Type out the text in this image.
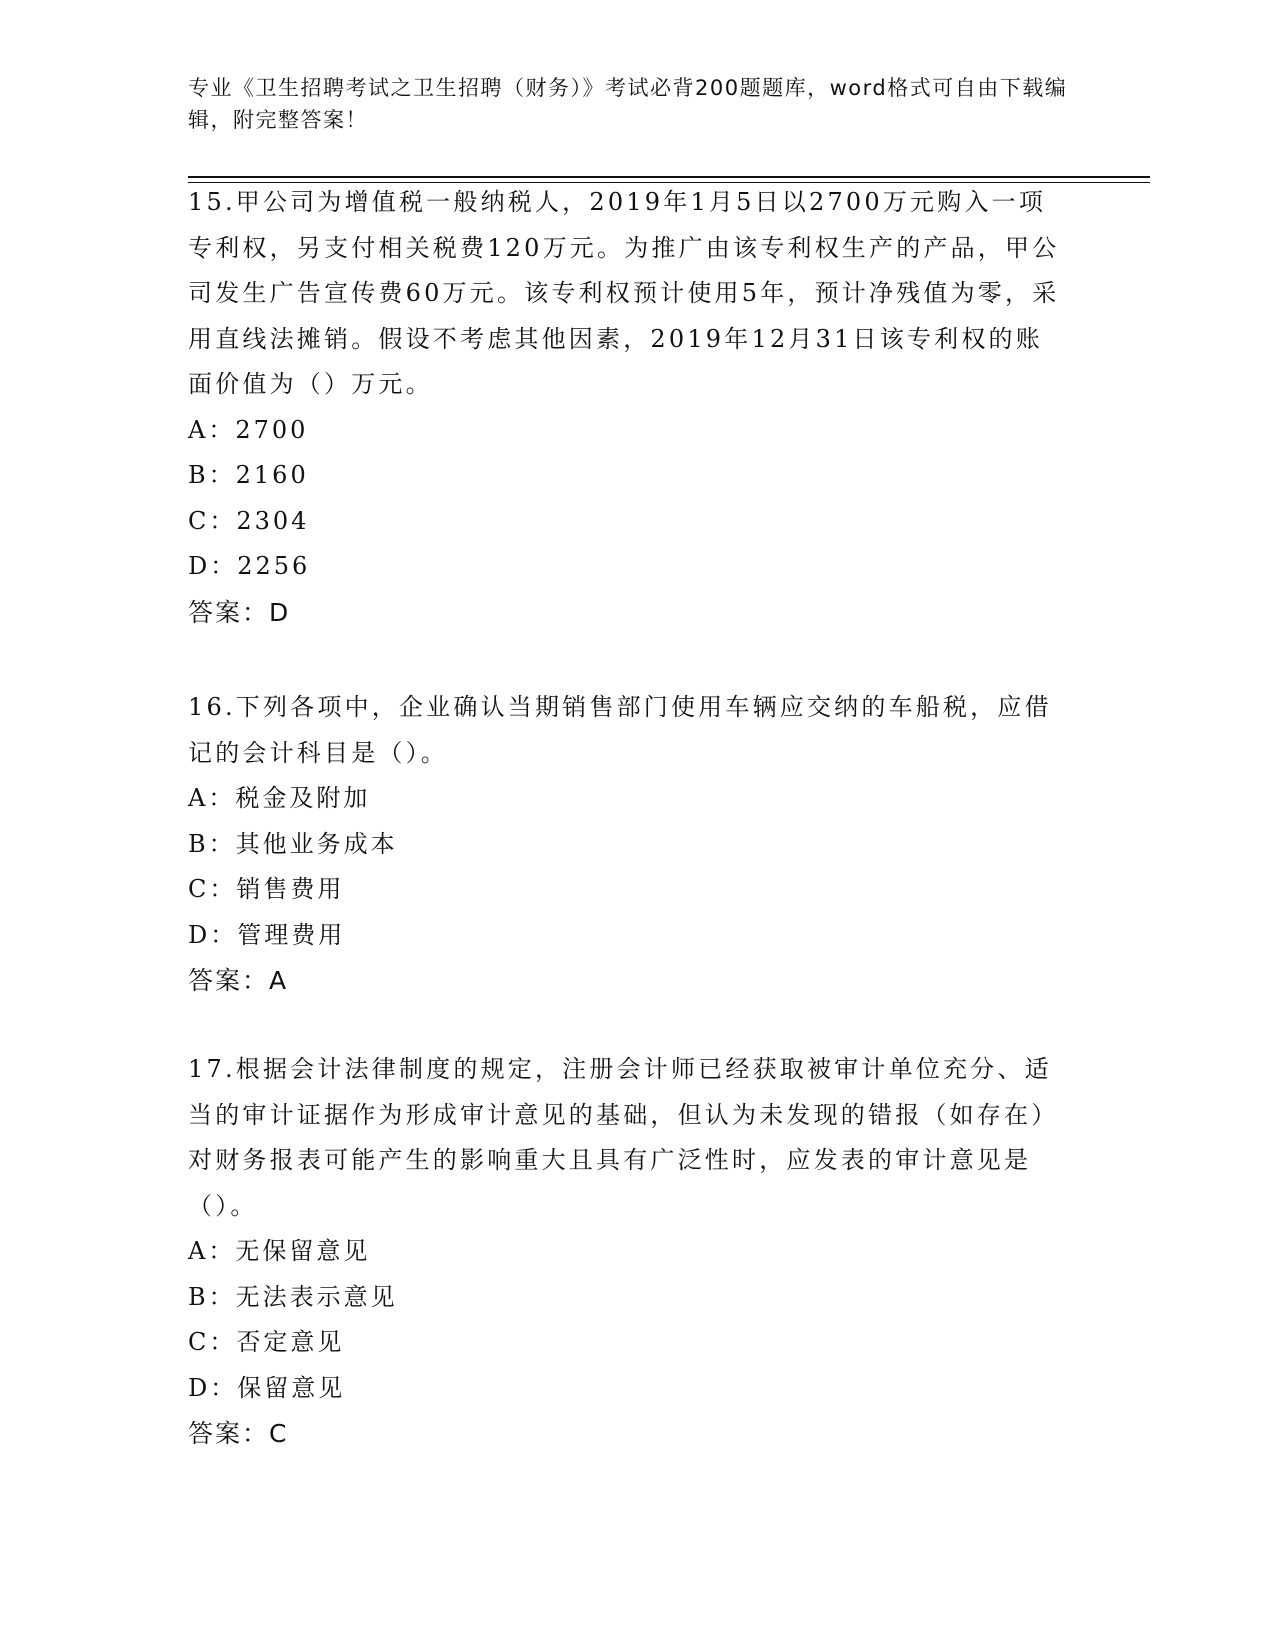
专业《卫生招聘考试之卫生招聘（财务）》考试必背200题题库，word格式可自由下载编辑，附完整答案！

15.甲公司为增值税一般纳税人，2019年1月5日以2700万元购入一项专利权，另支付相关税费120万元。为推广由该专利权生产的产品，甲公司发生广告宣传费60万元。该专利权预计使用5年，预计净残值为零，采用直线法摊销。假设不考虑其他因素，2019年12月31日该专利权的账面价值为（）万元。

A：2700

B：2160

C：2304

D：2256

答案：D

16.下列各项中，企业确认当期销售部门使用车辆应交纳的车船税，应借记的会计科目是（）。

A：税金及附加

B：其他业务成本

C：销售费用

D：管理费用

答案：A

17.根据会计法律制度的规定，注册会计师已经获取被审计单位充分、适当的审计证据作为形成审计意见的基础，但认为未发现的错报（如存在）对财务报表可能产生的影响重大且具有广泛性时，应发表的审计意见是（）。

A：无保留意见

B：无法表示意见

C：否定意见

D：保留意见

答案：C
